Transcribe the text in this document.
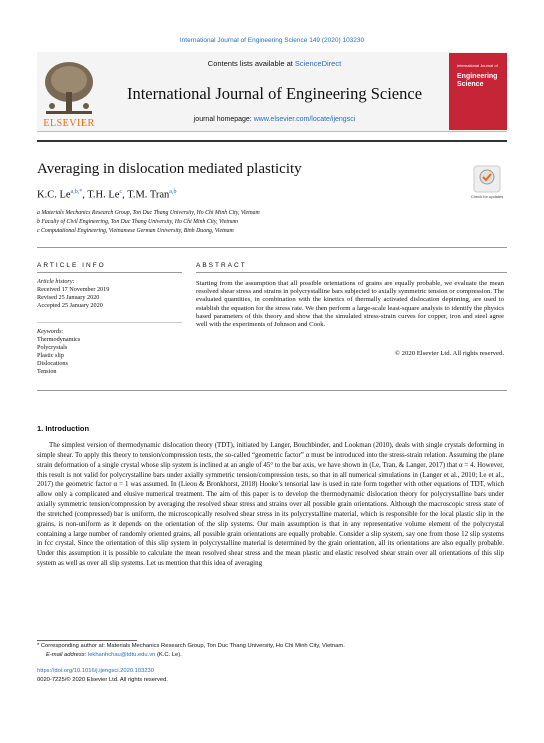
International Journal of Engineering Science 149 (2020) 103230
ELSEVIER
Contents lists available at ScienceDirect
International Journal of Engineering Science
journal homepage: www.elsevier.com/locate/ijengsci
International Journal of
Engineering Science
Averaging in dislocation mediated plasticity
Check for updates
K.C. $Le^{a,b,*}$, T.H. Le$^c$, T.M. Tran$^{a,b}$
a Materials Mechanics Research Group, Ton Duc Thang University, Ho Chi Minh City, Vietnam
b Faculty of Civil Engineering, Ton Duc Thang University, Ho Chi Minh City, Vietnam
c Computational Engineering, Vietnamese German University, Binh Duong, Vietnam
ARTICLE INFO
Article history:
Received 17 November 2019
Revised 25 January 2020
Accepted 25 January 2020
Keywords:
Thermodynamics
Polycrystals
Plastic slip
Dislocations
Tension
ABSTRACT
Starting from the assumption that all possible orientations of grains are equally probable, we evaluate the mean resolved shear stress and strains in polycrystalline bars subjected to axially symmetric tension or compression. The evaluated quantities, in combination with the kinetics of thermally activated dislocation depinning, are used to establish the equation for the stress rate. We then perform a large-scale least-square analysis to identify the physics based parameters of this theory and show that the simulated stress-strain curves for copper, iron and steel agree well with the experiments of Johnson and Cook.
© 2020 Elsevier Ltd. All rights reserved.
1. Introduction
The simplest version of thermodynamic dislocation theory (TDT), initiated by Langer, Bouchbinder, and Lookman (2010), deals with single crystals deforming in simple shear. To apply this theory to tension/compression tests, the so-called “geometric factor” α must be introduced into the stress-strain relation. Assuming the plane strain deformation of a single crystal whose slip system is inclined at an angle of 45° to the bar axis, we have shown in (Le, Tran, & Langer, 2017) that α = 4. However, this result is not valid for polycrystalline bars under axially symmetric tension/compression tests, so that in all numerical simulations in (Langer et al., 2010; Le et al., 2017) the geometric factor α = 1 was assumed. In (Lieou & Bronkhorst, 2018) Hooke’s tensorial law is used in rate form together with other equations of TDT, which allow only a complicated and elusive numerical treatment. The aim of this paper is to develop the thermodynamic dislocation theory for polycrystalline bars under axially symmetric tension/compression by averaging the resolved shear stress and strains over all possible grain orientations. Although the macroscopic stress state of the stretched (compressed) bar is uniform, the microscopically resolved shear stress in its polycrystalline material, which is responsible for the local plastic slip in the grains, is non-uniform as it depends on the orientation of the slip systems. Our main assumption is that in any representative volume element of the polycrystal containing a large number of randomly oriented grains, all possible grain orientations are equally probable. Consider a slip system, say one from those 12 slip systems in fcc crystal. Since the orientation of this slip system in polycrystalline material is determined by the grain orientation, all its orientations are also equally probable. Under this assumption it is possible to calculate the mean resolved shear stress and the mean plastic and elastic resolved shear strain over all orientations of this slip system as well as over all slip systems. Let us mention that this idea of averaging
* Corresponding author at: Materials Mechanics Research Group, Ton Duc Thang University, Ho Chi Minh City, Vietnam.
E-mail address: lekhanhchau@tdtu.edu.vn (K.C. Le).
https://doi.org/10.1016/j.ijengsci.2020.103230
0020-7225/© 2020 Elsevier Ltd. All rights reserved.
